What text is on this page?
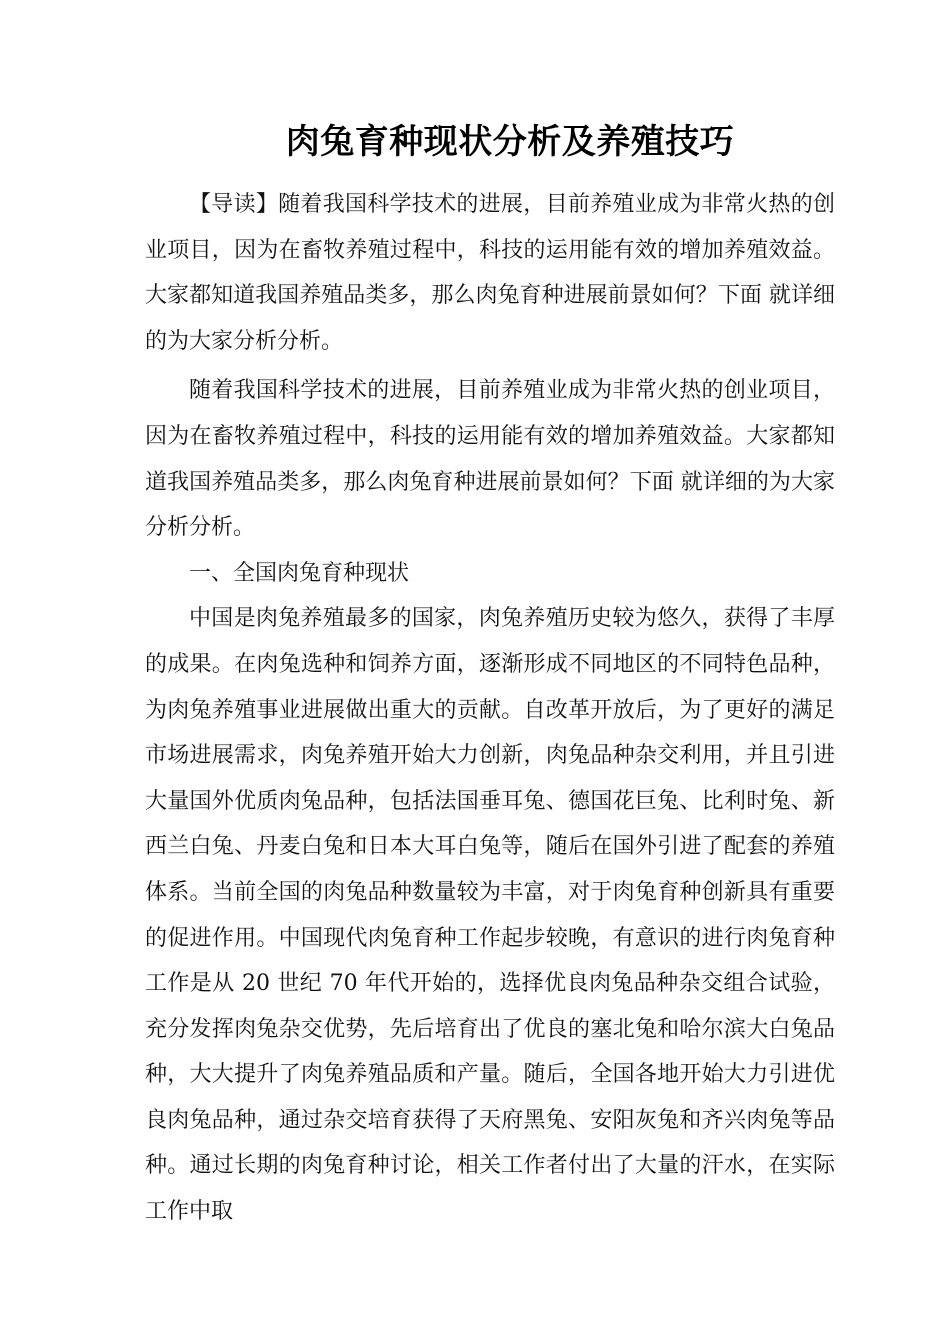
肉兔育种现状分析及养殖技巧

【导读】随着我国科学技术的进展，目前养殖业成为非常火热的创业项目，因为在畜牧养殖过程中，科技的运用能有效的增加养殖效益。大家都知道我国养殖品类多，那么肉兔育种进展前景如何？下面 就详细的为大家分析分析。

随着我国科学技术的进展，目前养殖业成为非常火热的创业项目，因为在畜牧养殖过程中，科技的运用能有效的增加养殖效益。大家都知道我国养殖品类多，那么肉兔育种进展前景如何？下面 就详细的为大家分析分析。

一、全国肉兔育种现状

中国是肉兔养殖最多的国家，肉兔养殖历史较为悠久，获得了丰厚的成果。在肉兔选种和饲养方面，逐渐形成不同地区的不同特色品种，为肉兔养殖事业进展做出重大的贡献。自改革开放后，为了更好的满足市场进展需求，肉兔养殖开始大力创新，肉兔品种杂交利用，并且引进大量国外优质肉兔品种，包括法国垂耳兔、德国花巨兔、比利时兔、新西兰白兔、丹麦白兔和日本大耳白兔等，随后在国外引进了配套的养殖体系。当前全国的肉兔品种数量较为丰富，对于肉兔育种创新具有重要的促进作用。中国现代肉兔育种工作起步较晚，有意识的进行肉兔育种工作是从 20 世纪 70 年代开始的，选择优良肉兔品种杂交组合试验，充分发挥肉兔杂交优势，先后培育出了优良的塞北兔和哈尔滨大白兔品种，大大提升了肉兔养殖品质和产量。随后，全国各地开始大力引进优良肉兔品种，通过杂交培育获得了天府黑兔、安阳灰兔和齐兴肉兔等品种。通过长期的肉兔育种讨论，相关工作者付出了大量的汗水，在实际工作中取
